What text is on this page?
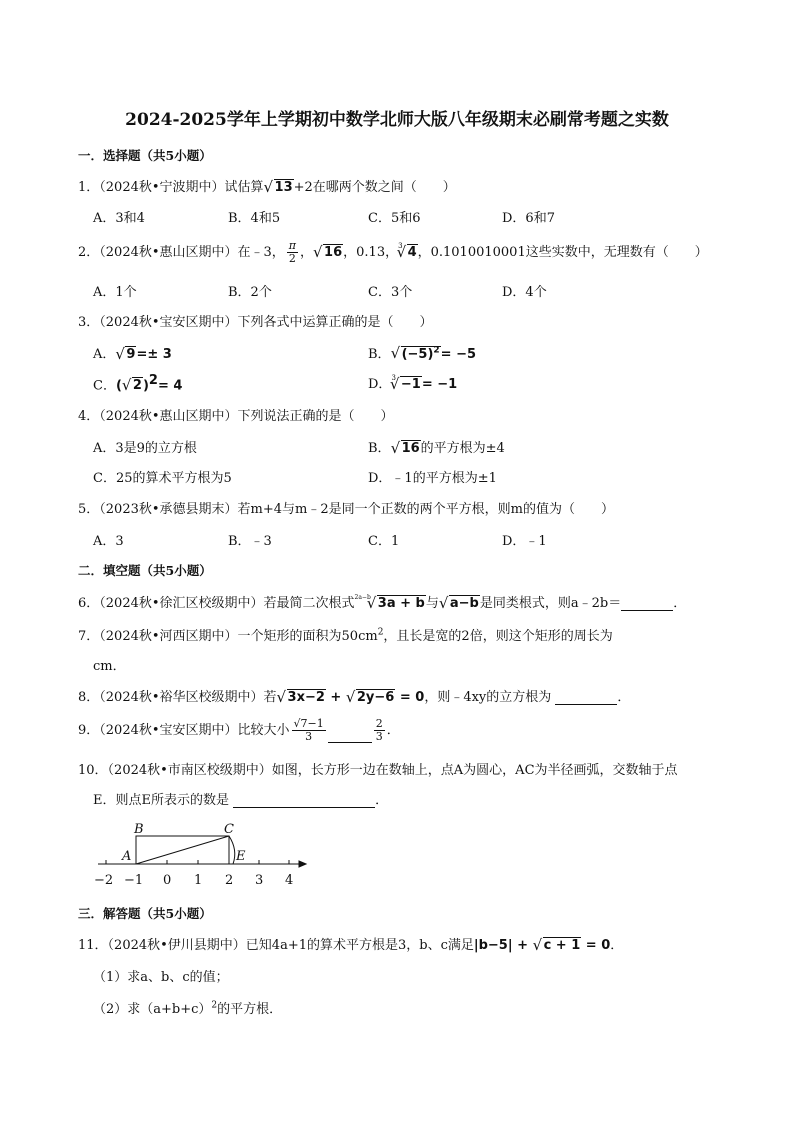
2024-2025学年上学期初中数学北师大版八年级期末必刷常考题之实数
一．选择题（共5小题）
1．（2024秋•宁波期中）试估算 √ 13+2在哪两个数之间（　　）
A．3和4	B．4和5	C．5和6	D．6和7
2．（2024秋•惠山区期中）在﹣3， $\frac{\pi}{2}$ ， √ 16，0.13，$^3$ √ 4，0.1010010001这些实数中，无理数有（　　）
A．1个	B．2个	C．3个	D．4个
3．（2024秋•宝安区期中）下列各式中运算正确的是（　　）
A． √ 9=± 3	B． √ $(-5)^2= -5$
C．( √ 2)$^2$= 4	D．$^3$ √ −1= −1
4．（2024秋•惠山区期中）下列说法正确的是（　　）
A．3是9的立方根	B． √ 16的平方根为±4
C．25的算术平方根为5	D．﹣1的平方根为±1
5．（2023秋•承德县期末）若m+4与m﹣2是同一个正数的两个平方根，则m的值为（　　）
A．3	B．﹣3	C．1	D．﹣1
二．填空题（共5小题）
6．（2024秋•徐汇区校级期中）若最简二次根式$^{2a-b}$ √ 3a + b与 √ a−b是同类根式，则a﹣2b＝	．
7．（2024秋•河西区期中）一个矩形的面积为$50cm^2$，且长是宽的2倍，则这个矩形的周长为
cm．
8．（2024秋•裕华区校级期中）若 √ 3x−2 + √ 2y−6 = 0，则﹣4xy的立方根为	．
9．（2024秋•宝安区期中）比较大小 $\frac{√7-1}{3}$	$\frac{2}{3}$ ．
10．（2024秋•市南区校级期中）如图，长方形一边在数轴上，点A为圆心，AC为半径画弧，交数轴于点
E．则点E所表示的数是	．
B	C
A	E
−2 −1 0 1 2 3 4
三．解答题（共5小题）
11．（2024秋•伊川县期中）已知4a+1的算术平方根是3，b、c满足|b−5| + √ c + 1 = 0．
（1）求a、b、c的值；
（2）求$(a+b+c)^2$的平方根．
